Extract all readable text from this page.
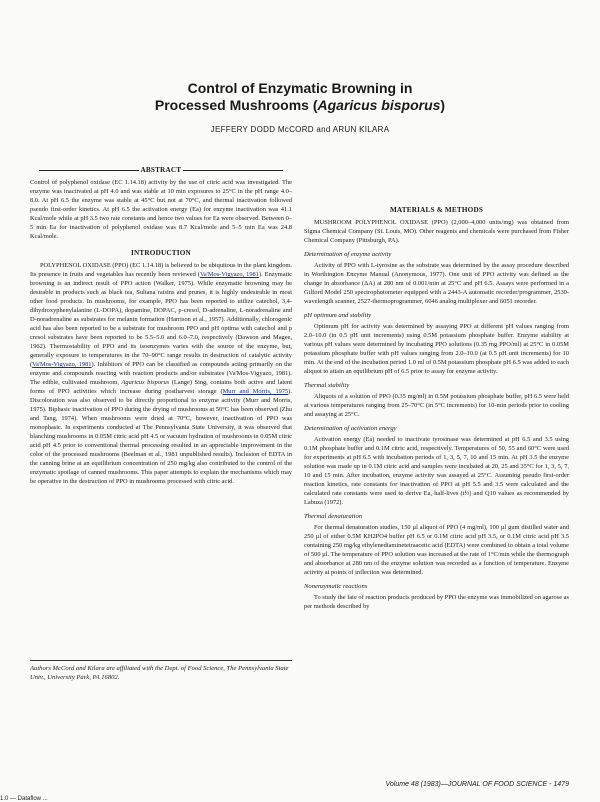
Control of Enzymatic Browning in
Processed Mushrooms (Agaricus bisporus)
JEFFERY DODD McCORD and ARUN KILARA
ABSTRACT

Control of polyphenol oxidase (EC 1.14.18) activity by the use of citric acid was investigated. The enzyme was inactivated at pH 4.0 and was stable at 10 min exposures to 25°C in the pH range 4.0–8.0. At pH 6.5 the enzyme was stable at 45°C but not at 70°C, and thermal inactivation followed pseudo first-order kinetics. At pH 6.5 the activation energy (Ea) for enzyme inactivation was 41.1 Kcal/mole while at pH 3.5 two rate constants and hence two values for Ea were observed. Between 0–5 min Ea for inactivation of polyphenol oxidase was 8.7 Kcal/mole and 5–5 min Ea was 24.8 Kcal/mole.

INTRODUCTION

POLYPHENOL OXIDASE (PPO) (EC 1.14.18) is believed to be ubiquitous in the plant kingdom. Its presence in fruits and vegetables has recently been reviewed (Va'Mos-Vigyazo, 1981). Enzymatic browning is an indirect result of PPO action (Walker, 1975). While enzymatic browning may be desirable in products such as black tea, Sultana raisins and prunes, it is highly undesirable in most other food products. In mushrooms, for example, PPO has been reported to utilize catechol, 3,4-dihydroxyphenylalanine (L-DOPA), dopamine, DOPAC, p-cresol, D-adrenaline, L-noradrenaline and D-noradrenaline as substrates for melanin formation (Harrison et al., 1957). Additionally, chlorogenic acid has also been reported to be a substrate for mushroom PPO and pH optima with catechol and p cresol substrates have been reported to be 5.5–5.0 and 6.0–7.0, respectively (Dawson and Magee, 1962). Thermostability of PPO and its isoenzymes varies with the source of the enzyme, but, generally exposure to temperatures in the 70–90°C range results in destruction of catalytic activity (Va'Mos-Vigyazo, 1981). Inhibitors of PPO can be classified as compounds acting primarily on the enzyme and compounds reacting with reaction products and/or substrates (Va'Mos-Vigyazo, 1981). The edible, cultivated mushroom, Agaricus bisporus (Lange) Sing, contains both active and latent forms of PPO activities which increase during postharvest storage (Murr and Morris, 1975). Discoloration was also observed to be directly proportional to enzyme activity (Murr and Morris, 1975). Biphasic inactivation of PPO during the drying of mushrooms at 50°C has been observed (Zhu and Tang, 1974). When mushrooms were dried at 70°C, however, inactivation of PPO was monophasic. In experiments conducted at The Pennsylvania State University, it was observed that blanching mushrooms in 0.05M citric acid pH 4.5 or vacuum hydration of mushrooms in 0.05M citric acid pH 4.5 prior to conventional thermal processing resulted in an appreciable improvement in the color of the processed mushrooms (Beelman et al., 1981 unpublished results). Inclusion of EDTA in the canning brine at an equilibrium concentration of 250 mg/kg also contributed to the control of the enzymatic spoilage of canned mushrooms. This paper attempts to explain the mechanisms which may be operative in the destruction of PPO in mushrooms processed with citric acid.

Authors McCord and Kilara are affiliated with the Dept. of Food Science, The Pennsylvania State Univ., University Park, PA 16802.
MATERIALS & METHODS

MUSHROOM POLYPHENOL OXIDASE (PPO) (2,000–4,000 units/mg) was obtained from Sigma Chemical Company (St. Louis, MO). Other reagents and chemicals were purchased from Fisher Chemical Company (Pittsburgh, PA).

Determination of enzyme activity

Activity of PPO with L-tyrosine as the substrate was determined by the assay procedure described in Worthington Enzyme Manual (Anonymous, 1977). One unit of PPO activity was defined as the change in absorbance (ΔA) at 280 nm of 0.001/min at 25°C and pH 6.5. Assays were performed in a Gilford Model 250 spectrophotometer equipped with a 2443-A automatic recorder/programmer, 2530-wavelength scanner, 2527-thermoprogrammer, 6046 analog multiplexer and 6051 recorder.

pH optimum and stability

Optimum pH for activity was determined by assaying PPO at different pH values ranging from 2.0–10.0 (in 0.5 pH unit increments) using 0.5M potassium phosphate buffer. Enzyme stability at various pH values were determined by incubating PPO solutions (0.35 mg PPO/ml) at 25°C in 0.05M potassium phosphate buffer with pH values ranging from 2.0–10.0 (at 0.5 pH unit increments) for 10 min. At the end of the incubation period 1.0 ml of 0.5M potassium phosphate pH 6.5 was added to each aliquot to attain an equilibrium pH of 6.5 prior to assay for enzyme activity.

Thermal stability

Aliquots of a solution of PPO (0.35 mg/ml) in 0.5M potassium phosphate buffer, pH 6.5 were held at various temperatures ranging from 25–70°C (in 5°C increments) for 10-min periods prior to cooling and assaying at 25°C.

Determination of activation energy

Activation energy (Ea) needed to inactivate tyrosinase was determined at pH 6.5 and 3.5 using 0.1M phosphate buffer and 0.1M citric acid, respectively. Temperatures of 50, 55 and 60°C were used for experiments at pH 6.5 with incubation periods of 1, 3, 5, 7, 10 and 15 min. At pH 3.5 the enzyme solution was made up in 0.1M citric acid and samples were incubated at 20, 25 and 35°C for 1, 3, 5, 7, 10 and 15 min. After incubation, enzyme activity was assayed at 25°C. Assuming pseudo first-order reaction kinetics, rate constants for inactivation of PPO at pH 5.5 and 3.5 were calculated and the calculated rate constants were used to derive Ea, half-lives (t½) and Q10 values as recommended by Labuza (1972).

Thermal denaturation

For thermal denaturation studies, 150 µl aliquot of PPO (4 mg/ml), 100 µl gum distilled water and 250 µl of either 0.5M KH2PO4 buffer pH 6.5 or 0.1M citric acid pH 3.5, or 0.1M citric acid pH 3.5 containing 250 mg/kg ethylenediaminetetraacetic acid (EDTA) were combined to obtain a total volume of 500 µl. The temperature of PPO solution was increased at the rate of 1°C/min while the thermograph and absorbance at 280 nm of the enzyme solution was recorded as a function of temperature. Enzyme activity at points of inflection was determined.

Nonenzymatic reactions

To study the fate of reaction products produced by PPO the enzyme was immobilized on agarose as per methods described by

Volume 48 (1983)—JOURNAL OF FOOD SCIENCE - 1479
1.0 — Dataflow ...
